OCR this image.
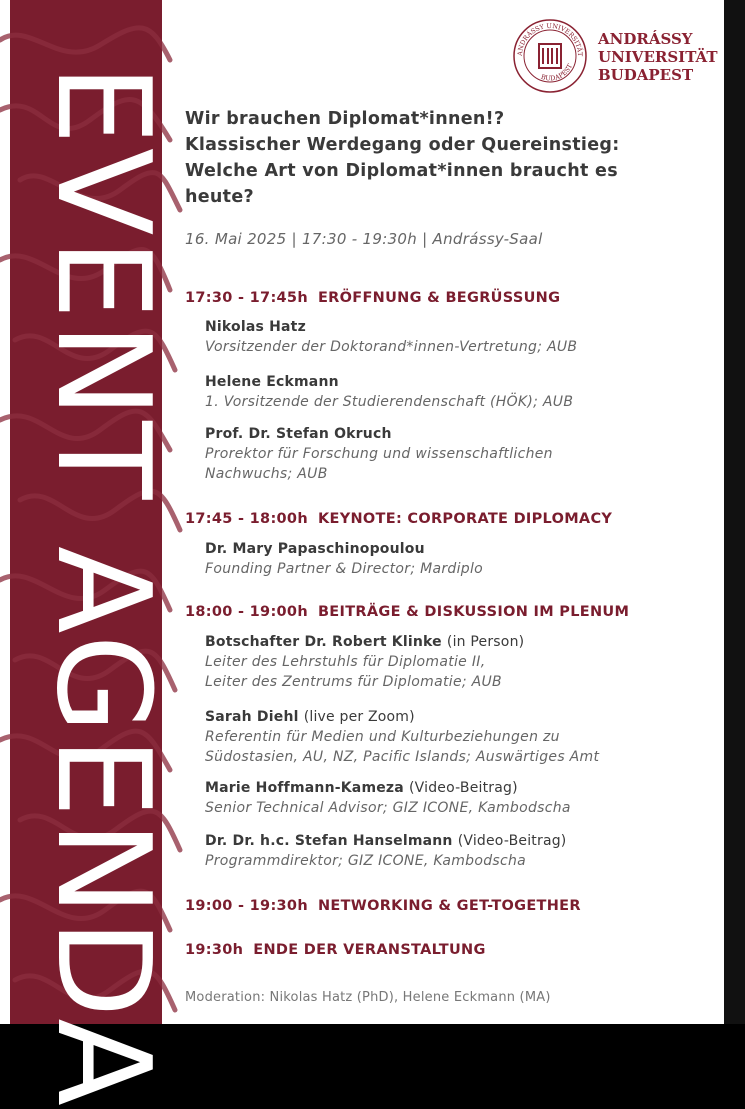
EVENT AGENDA
ANDRÁSSY UNIVERSITÄT
BUDAPEST
ANDRÁSSY
UNIVERSITÄT
BUDAPEST
Wir brauchen Diplomat*innen!?
Klassischer Werdegang oder Quereinstieg:
Welche Art von Diplomat*innen braucht es
heute?
16. Mai 2025 | 17:30 - 19:30h | Andrássy-Saal
17:30 - 17:45h ERÖFFNUNG & BEGRÜSSUNG
Nikolas Hatz
Vorsitzender der Doktorand*innen-Vertretung; AUB
Helene Eckmann
1. Vorsitzende der Studierendenschaft (HÖK); AUB
Prof. Dr. Stefan Okruch
Prorektor für Forschung und wissenschaftlichen
Nachwuchs; AUB
17:45 - 18:00h KEYNOTE: CORPORATE DIPLOMACY
Dr. Mary Papaschinopoulou
Founding Partner & Director; Mardiplo
18:00 - 19:00h BEITRÄGE & DISKUSSION IM PLENUM
Botschafter Dr. Robert Klinke (in Person)
Leiter des Lehrstuhls für Diplomatie II,
Leiter des Zentrums für Diplomatie; AUB
Sarah Diehl (live per Zoom)
Referentin für Medien und Kulturbeziehungen zu
Südostasien, AU, NZ, Pacific Islands; Auswärtiges Amt
Marie Hoffmann-Kameza (Video-Beitrag)
Senior Technical Advisor; GIZ ICONE, Kambodscha
Dr. Dr. h.c. Stefan Hanselmann (Video-Beitrag)
Programmdirektor; GIZ ICONE, Kambodscha
19:00 - 19:30h NETWORKING & GET-TOGETHER
19:30h ENDE DER VERANSTALTUNG
Moderation: Nikolas Hatz (PhD), Helene Eckmann (MA)
